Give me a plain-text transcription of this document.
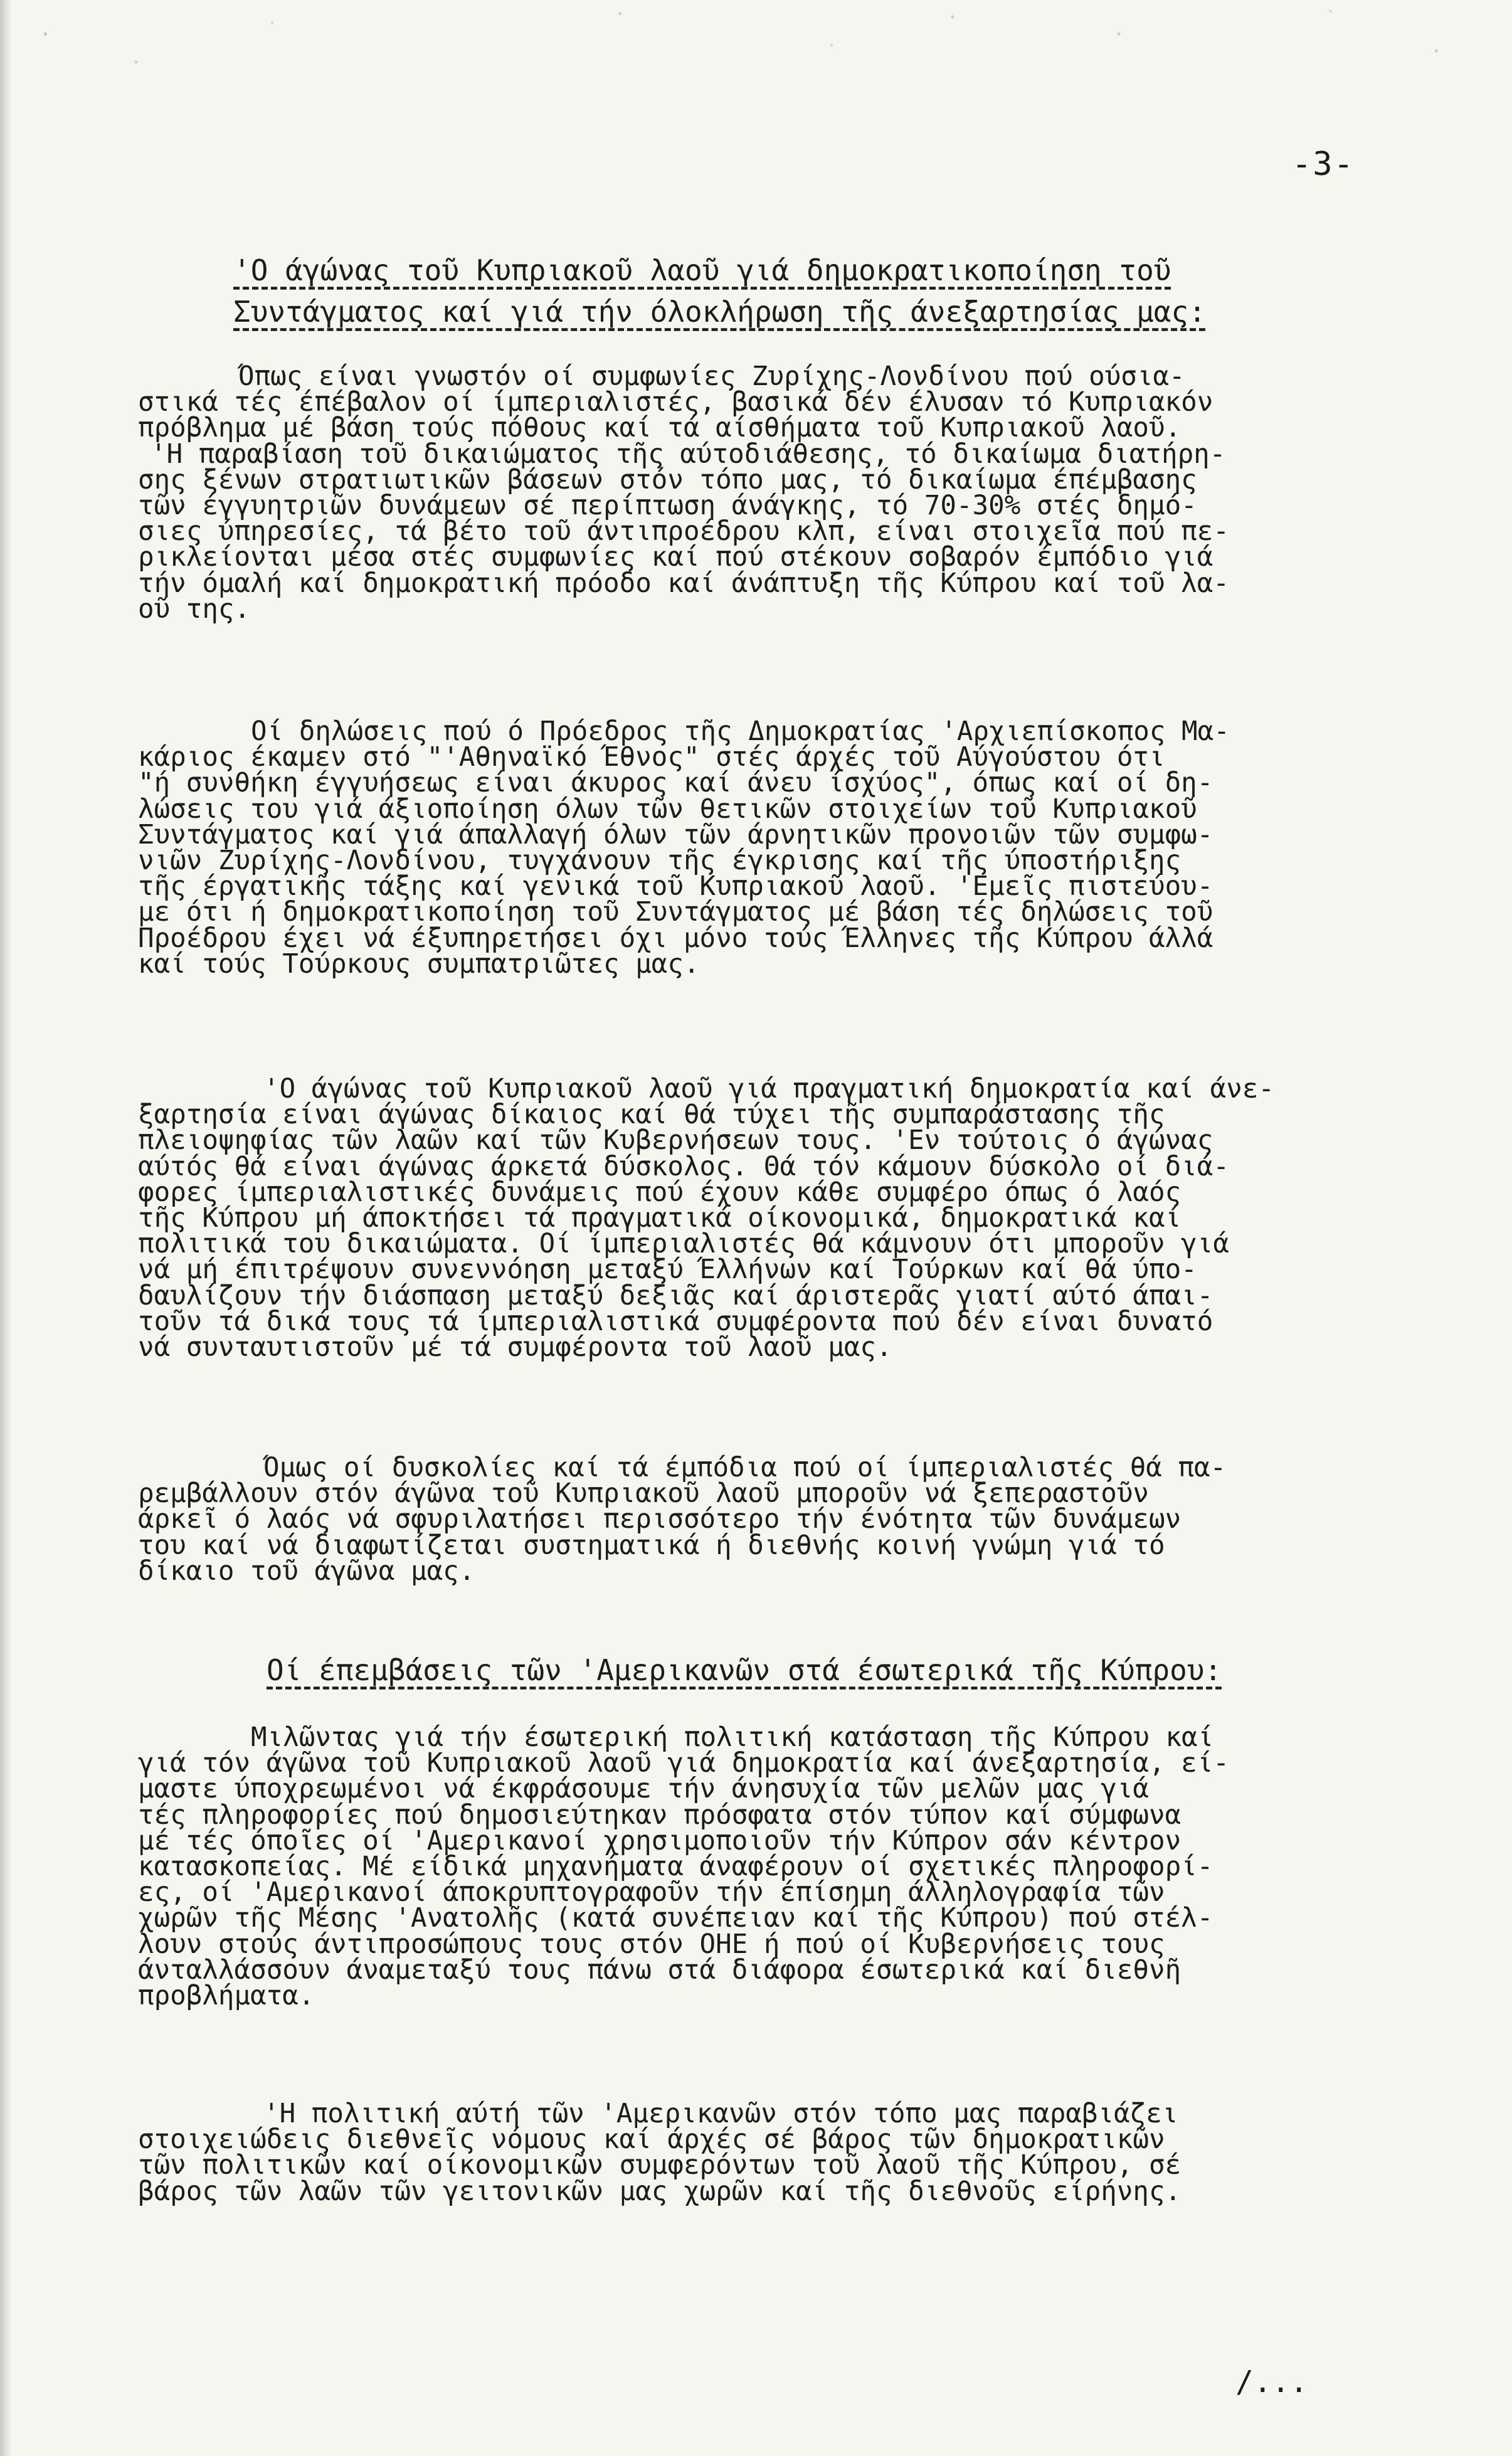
-3-
'Ο άγώνας τοῦ Κυπριακοῦ λαοῦ γιά δημοκρατικοποίηση τοῦ
Συντάγματος καί γιά τήν όλοκλήρωση τῆς άνεξαρτησίας μας:
Όπως είναι γνωστόν οί συμφωνίες Ζυρίχης-Λονδίνου πού ούσια-
στικά τές έπέβαλον οί ίμπεριαλιστές, βασικά δέν έλυσαν τό Κυπριακόν
πρόβλημα μέ βάση τούς πόθους καί τά αίσθήματα τοῦ Κυπριακοῦ λαοῦ.
'Η παραβίαση τοῦ δικαιώματος τῆς αύτοδιάθεσης, τό δικαίωμα διατήρη-
σης ξένων στρατιωτικῶν βάσεων στόν τόπο μας, τό δικαίωμα έπέμβασης
τῶν έγγυητριῶν δυνάμεων σέ περίπτωση άνάγκης, τό 70-30% στές δημό-
σιες ύπηρεσίες, τά βέτο τοῦ άντιπροέδρου κλπ, είναι στοιχεῖα πού πε-
ρικλείονται μέσα στές συμφωνίες καί πού στέκουν σοβαρόν έμπόδιο γιά
τήν όμαλή καί δημοκρατική πρόοδο καί άνάπτυξη τῆς Κύπρου καί τοῦ λα-
οῦ της.
Οί δηλώσεις πού ό Πρόεδρος τῆς Δημοκρατίας 'Αρχιεπίσκοπος Μα-
κάριος έκαμεν στό "'Αθηναϊκό Έθνος" στές άρχές τοῦ Αύγούστου ότι
"ή συνθήκη έγγυήσεως είναι άκυρος καί άνευ ίσχύος", όπως καί οί δη-
λώσεις του γιά άξιοποίηση όλων τῶν θετικῶν στοιχείων τοῦ Κυπριακοῦ
Συντάγματος καί γιά άπαλλαγή όλων τῶν άρνητικῶν προνοιῶν τῶν συμφω-
νιῶν Ζυρίχης-Λονδίνου, τυγχάνουν τῆς έγκρισης καί τῆς ύποστήριξης
τῆς έργατικῆς τάξης καί γενικά τοῦ Κυπριακοῦ λαοῦ. 'Εμεῖς πιστεύου-
με ότι ή δημοκρατικοποίηση τοῦ Συντάγματος μέ βάση τές δηλώσεις τοῦ
Προέδρου έχει νά έξυπηρετήσει όχι μόνο τούς Έλληνες τῆς Κύπρου άλλά
καί τούς Τούρκους συμπατριῶτες μας.
'Ο άγώνας τοῦ Κυπριακοῦ λαοῦ γιά πραγματική δημοκρατία καί άνε-
ξαρτησία είναι άγώνας δίκαιος καί θά τύχει τῆς συμπαράστασης τῆς
πλειοψηφίας τῶν λαῶν καί τῶν Κυβερνήσεων τους. 'Εν τούτοις ό άγώνας
αύτός θά είναι άγώνας άρκετά δύσκολος. Θά τόν κάμουν δύσκολο οί διά-
φορες ίμπεριαλιστικές δυνάμεις πού έχουν κάθε συμφέρο όπως ό λαός
τῆς Κύπρου μή άποκτήσει τά πραγματικά οίκονομικά, δημοκρατικά καί
πολιτικά του δικαιώματα. Οί ίμπεριαλιστές θά κάμνουν ότι μποροῦν γιά
νά μή έπιτρέψουν συνεννόηση μεταξύ Έλλήνων καί Τούρκων καί θά ύπο-
δαυλίζουν τήν διάσπαση μεταξύ δεξιᾶς καί άριστερᾶς γιατί αύτό άπαι-
τοῦν τά δικά τους τά ίμπεριαλιστικά συμφέροντα πού δέν είναι δυνατό
νά συνταυτιστοῦν μέ τά συμφέροντα τοῦ λαοῦ μας.
Όμως οί δυσκολίες καί τά έμπόδια πού οί ίμπεριαλιστές θά πα-
ρεμβάλλουν στόν άγῶνα τοῦ Κυπριακοῦ λαοῦ μποροῦν νά ξεπεραστοῦν
άρκεῖ ό λαός νά σφυριλατήσει περισσότερο τήν ένότητα τῶν δυνάμεων
του καί νά διαφωτίζεται συστηματικά ή διεθνής κοινή γνώμη γιά τό
δίκαιο τοῦ άγῶνα μας.
Οί έπεμβάσεις τῶν 'Αμερικανῶν στά έσωτερικά τῆς Κύπρου:
Μιλῶντας γιά τήν έσωτερική πολιτική κατάσταση τῆς Κύπρου καί
γιά τόν άγῶνα τοῦ Κυπριακοῦ λαοῦ γιά δημοκρατία καί άνεξαρτησία, εί-
μαστε ύποχρεωμένοι νά έκφράσουμε τήν άνησυχία τῶν μελῶν μας γιά
τές πληροφορίες πού δημοσιεύτηκαν πρόσφατα στόν τύπον καί σύμφωνα
μέ τές όποῖες οί 'Αμερικανοί χρησιμοποιοῦν τήν Κύπρον σάν κέντρον
κατασκοπείας. Μέ είδικά μηχανήματα άναφέρουν οί σχετικές πληροφορί-
ες, οί 'Αμερικανοί άποκρυπτογραφοῦν τήν έπίσημη άλληλογραφία τῶν
χωρῶν τῆς Μέσης 'Ανατολῆς (κατά συνέπειαν καί τῆς Κύπρου) πού στέλ-
λουν στούς άντιπροσώπους τους στόν ΟΗΕ ή πού οί Κυβερνήσεις τους
άνταλλάσσουν άναμεταξύ τους πάνω στά διάφορα έσωτερικά καί διεθνῆ
προβλήματα.
'Η πολιτική αύτή τῶν 'Αμερικανῶν στόν τόπο μας παραβιάζει
στοιχειώδεις διεθνεῖς νόμους καί άρχές σέ βάρος τῶν δημοκρατικῶν
τῶν πολιτικῶν καί οίκονομικῶν συμφερόντων τοῦ λαοῦ τῆς Κύπρου, σέ
βάρος τῶν λαῶν τῶν γειτονικῶν μας χωρῶν καί τῆς διεθνοῦς είρήνης.
/...
